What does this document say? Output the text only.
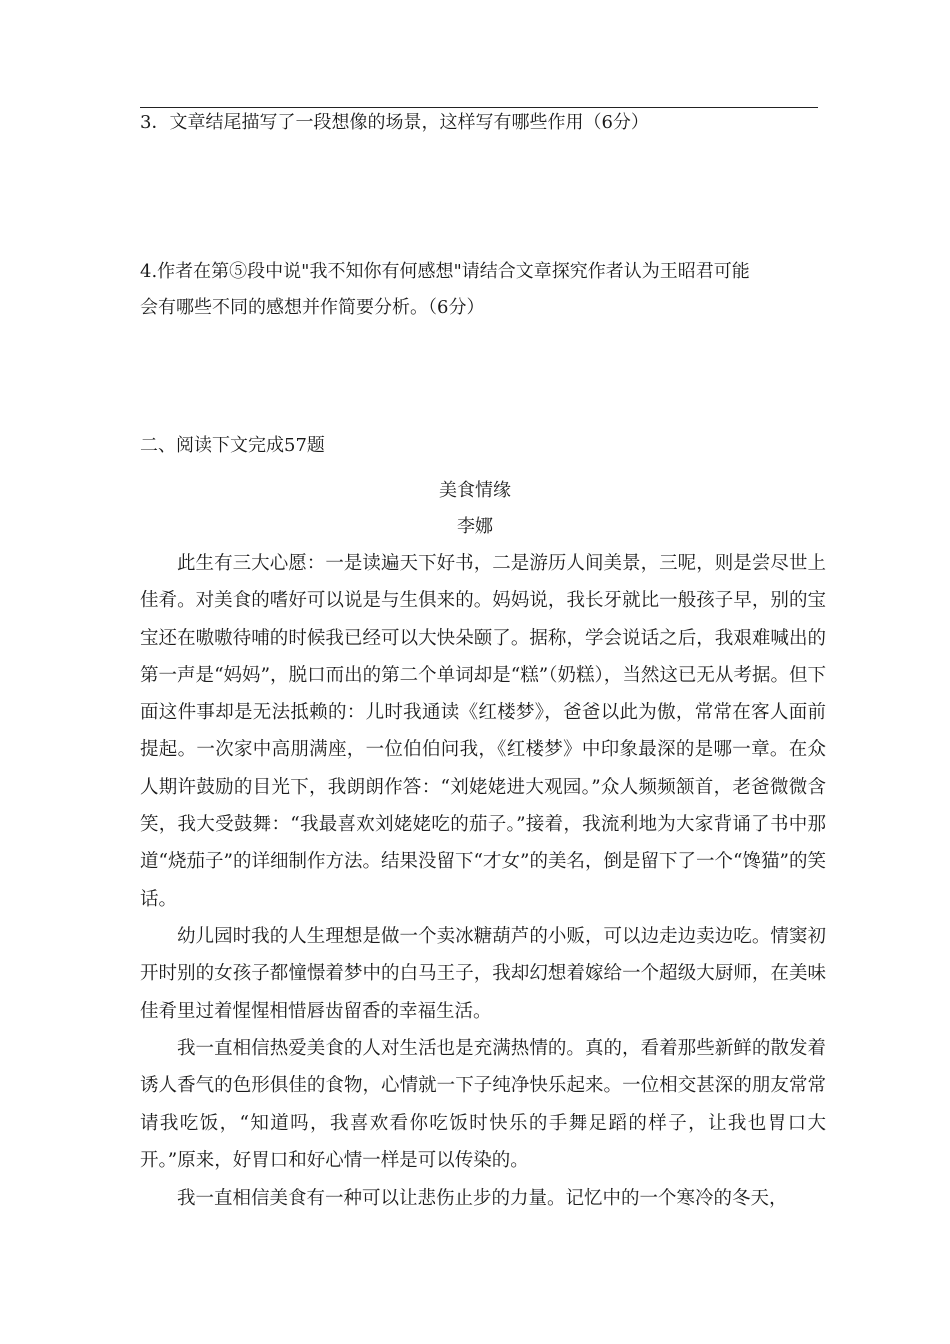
3．文章结尾描写了一段想像的场景，这样写有哪些作用（6分）
4.作者在第⑤段中说"我不知你有何感想"请结合文章探究作者认为王昭君可能
会有哪些不同的感想并作简要分析。（6分）
二、阅读下文完成57题
美食情缘
李娜
此生有三大心愿：一是读遍天下好书，二是游历人间美景，三呢，则是尝尽世上佳肴。对美食的嗜好可以说是与生俱来的。妈妈说，我长牙就比一般孩子早，别的宝宝还在嗷嗷待哺的时候我已经可以大快朵颐了。据称，学会说话之后，我艰难喊出的第一声是“妈妈”，脱口而出的第二个单词却是“糕”（奶糕），当然这已无从考据。但下面这件事却是无法抵赖的：儿时我通读《红楼梦》，爸爸以此为傲，常常在客人面前提起。一次家中高朋满座，一位伯伯问我，《红楼梦》中印象最深的是哪一章。在众人期许鼓励的目光下，我朗朗作答：“刘姥姥进大观园。”众人频频颔首，老爸微微含笑，我大受鼓舞：“我最喜欢刘姥姥吃的茄子。”接着，我流利地为大家背诵了书中那道“烧茄子”的详细制作方法。结果没留下“才女”的美名，倒是留下了一个“馋猫”的笑话。
幼儿园时我的人生理想是做一个卖冰糖葫芦的小贩，可以边走边卖边吃。情窦初开时别的女孩子都憧憬着梦中的白马王子，我却幻想着嫁给一个超级大厨师，在美味佳肴里过着惺惺相惜唇齿留香的幸福生活。
我一直相信热爱美食的人对生活也是充满热情的。真的，看着那些新鲜的散发着诱人香气的色形俱佳的食物，心情就一下子纯净快乐起来。一位相交甚深的朋友常常请我吃饭，“知道吗，我喜欢看你吃饭时快乐的手舞足蹈的样子，让我也胃口大开。”原来，好胃口和好心情一样是可以传染的。
我一直相信美食有一种可以让悲伤止步的力量。记忆中的一个寒冷的冬天，
